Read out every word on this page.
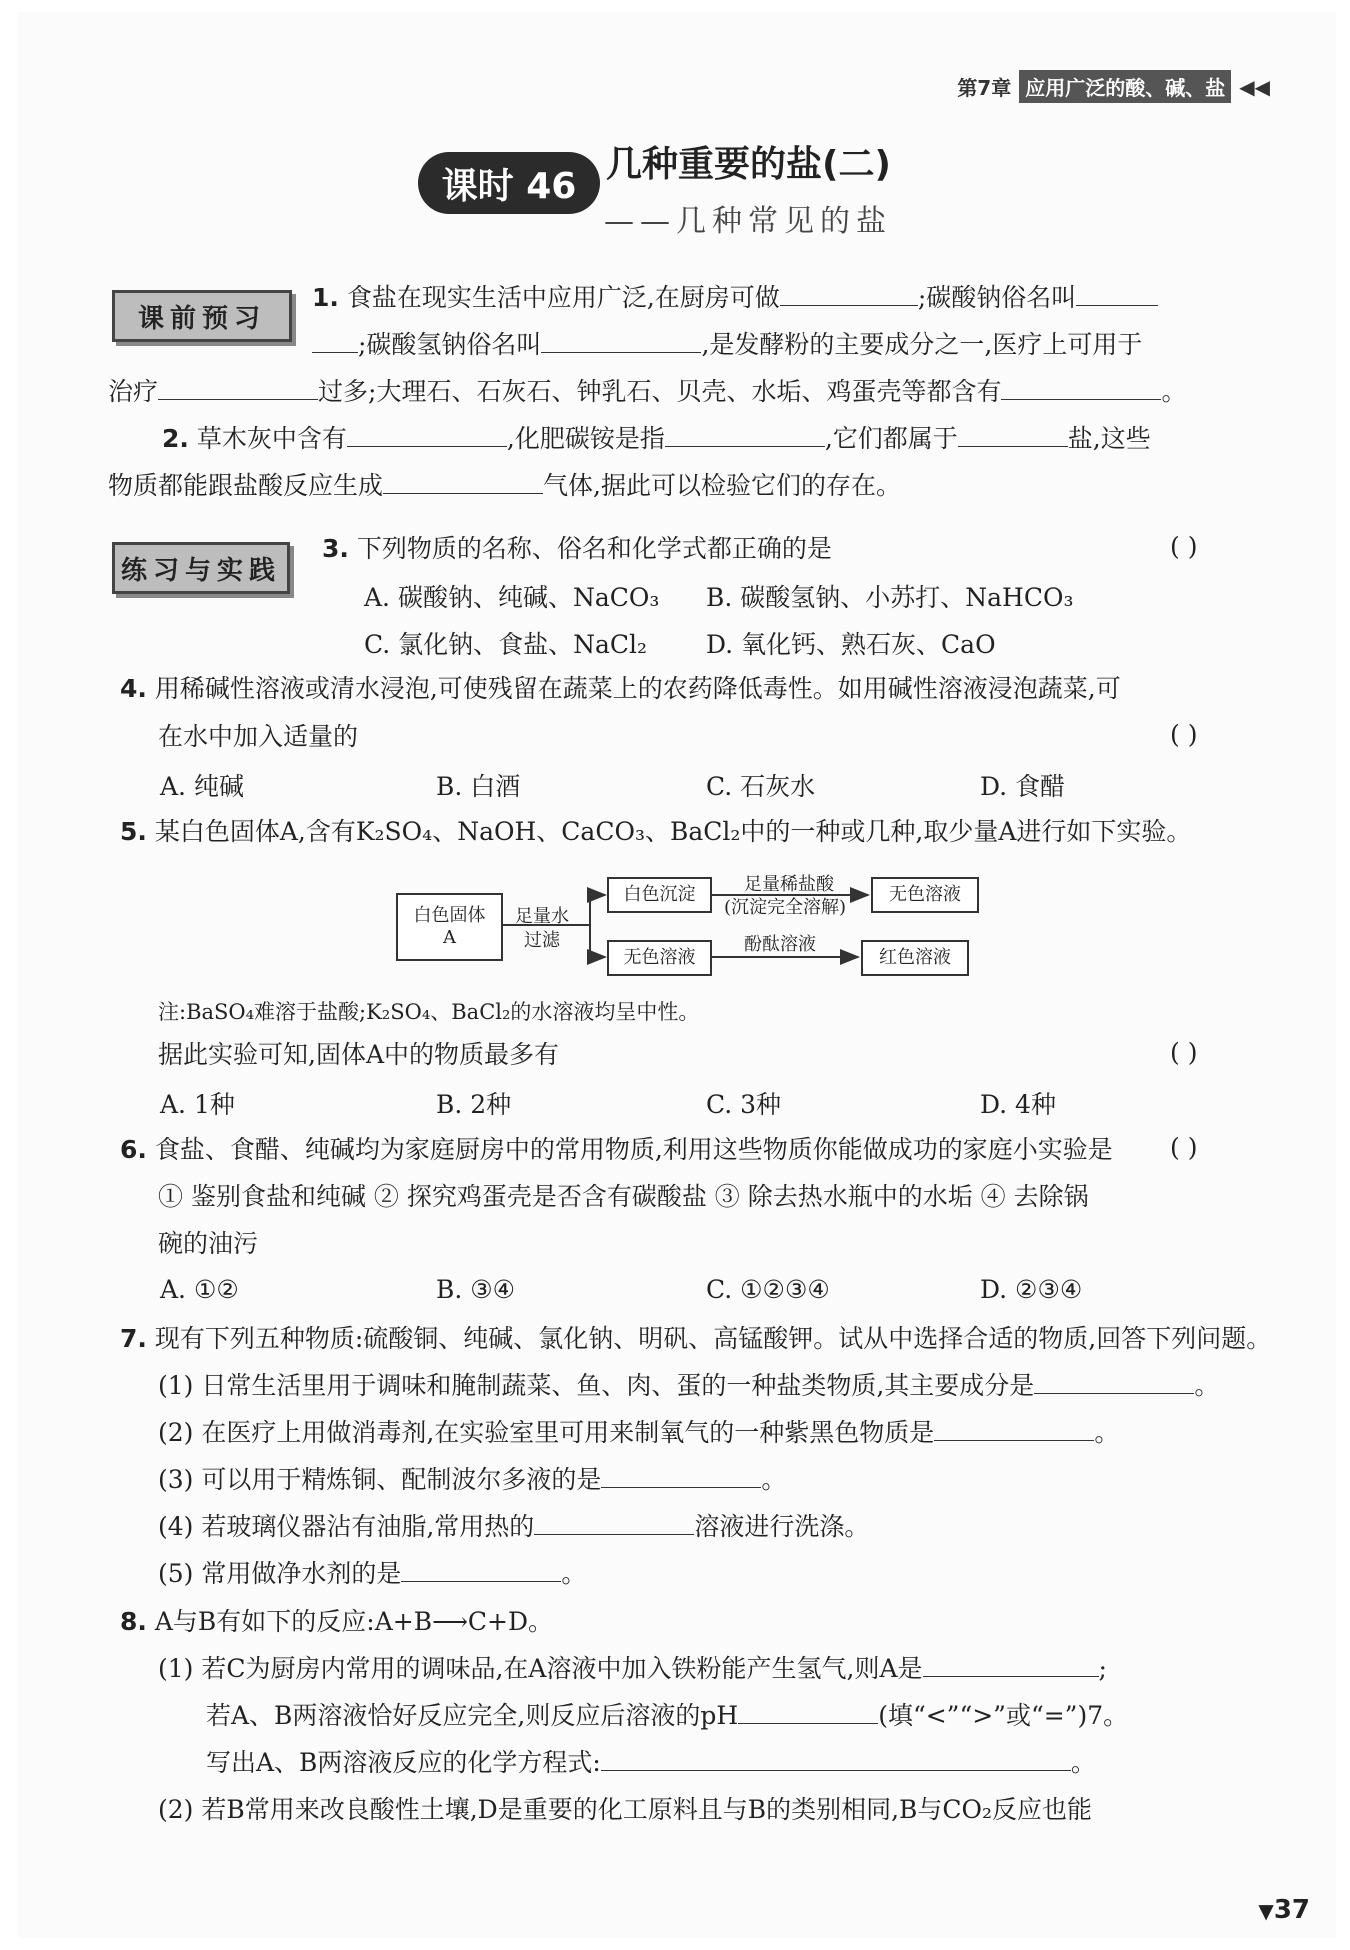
第7章 应用广泛的酸、碱、盐 ◀◀
课时 46
几种重要的盐(二)
——几种常见的盐
课前预习
1. 食盐在现实生活中应用广泛,在厨房可做	;碳酸钠俗名叫
;碳酸氢钠俗名叫	,是发酵粉的主要成分之一,医疗上可用于
治疗	过多;大理石、石灰石、钟乳石、贝壳、水垢、鸡蛋壳等都含有	。
2. 草木灰中含有	,化肥碳铵是指	,它们都属于	盐,这些
物质都能跟盐酸反应生成	气体,据此可以检验它们的存在。
练习与实践
3. 下列物质的名称、俗名和化学式都正确的是	( )
A. 碳酸钠、纯碱、NaCO₃ B. 碳酸氢钠、小苏打、NaHCO₃
C. 氯化钠、食盐、NaCl₂ D. 氧化钙、熟石灰、CaO
4. 用稀碱性溶液或清水浸泡,可使残留在蔬菜上的农药降低毒性。如用碱性溶液浸泡蔬菜,可
在水中加入适量的	( )
A. 纯碱	B. 白酒	C. 石灰水	D. 食醋
5. 某白色固体A,含有K₂SO₄、NaOH、CaCO₃、BaCl₂中的一种或几种,取少量A进行如下实验。
白色固体
A
足量水
过滤
白色沉淀	足量稀盐酸
(沉淀完全溶解)
无色溶液
无色溶液
酚酞溶液
红色溶液
注:BaSO₄难溶于盐酸;K₂SO₄、BaCl₂的水溶液均呈中性。
据此实验可知,固体A中的物质最多有	( )
A. 1种	B. 2种	C. 3种	D. 4种
6. 食盐、食醋、纯碱均为家庭厨房中的常用物质,利用这些物质你能做成功的家庭小实验是 ( )
① 鉴别食盐和纯碱 ② 探究鸡蛋壳是否含有碳酸盐 ③ 除去热水瓶中的水垢 ④ 去除锅
碗的油污
A. ①②	B. ③④	C. ①②③④	D. ②③④
7. 现有下列五种物质:硫酸铜、纯碱、氯化钠、明矾、高锰酸钾。试从中选择合适的物质,回答下列问题。
(1) 日常生活里用于调味和腌制蔬菜、鱼、肉、蛋的一种盐类物质,其主要成分是	。
(2) 在医疗上用做消毒剂,在实验室里可用来制氧气的一种紫黑色物质是	。
(3) 可以用于精炼铜、配制波尔多液的是	。
(4) 若玻璃仪器沾有油脂,常用热的	溶液进行洗涤。
(5) 常用做净水剂的是	。
8. A与B有如下的反应:A+B⟶C+D。
(1) 若C为厨房内常用的调味品,在A溶液中加入铁粉能产生氢气,则A是	;
若A、B两溶液恰好反应完全,则反应后溶液的pH	(填“<”“>”或“=”)7。
写出A、B两溶液反应的化学方程式:	。
(2) 若B常用来改良酸性土壤,D是重要的化工原料且与B的类别相同,B与CO₂反应也能
▼37
